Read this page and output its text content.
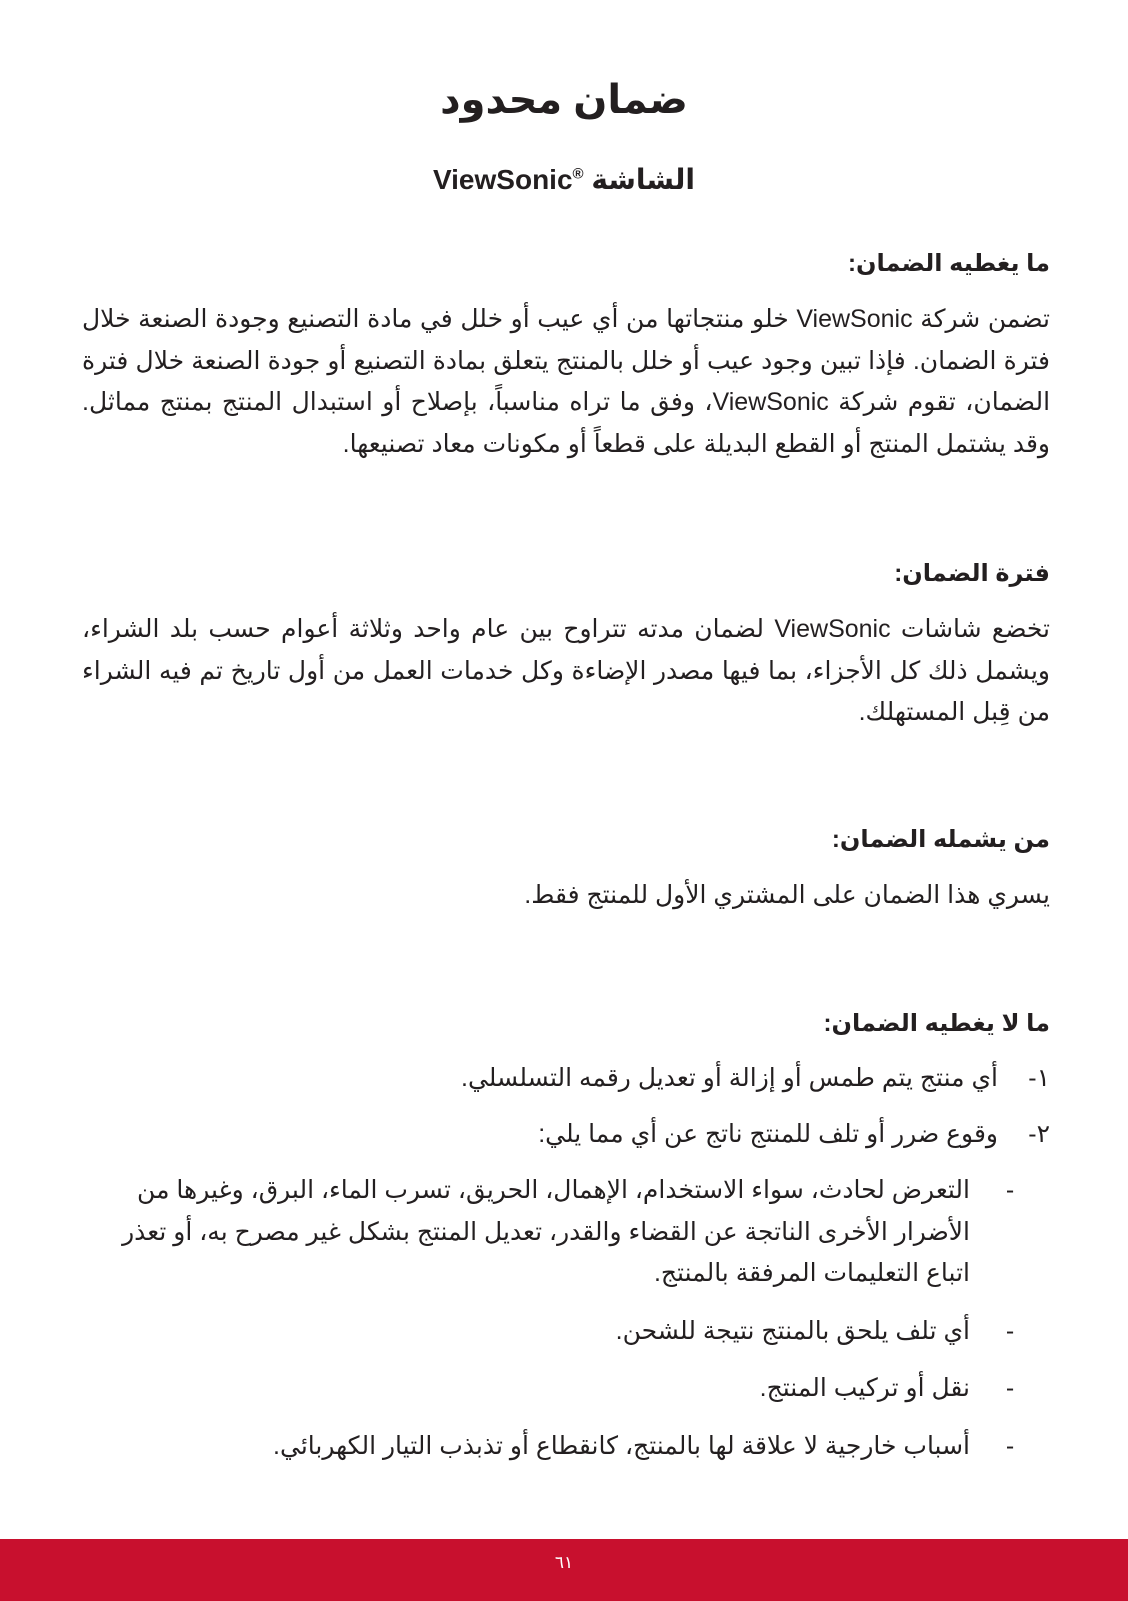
ضمان محدود
الشاشة ViewSonic®
ما يغطيه الضمان:

تضمن شركة ViewSonic خلو منتجاتها من أي عيب أو خلل في مادة التصنيع وجودة الصنعة خلال فترة الضمان. فإذا تبين وجود عيب أو خلل بالمنتج يتعلق بمادة التصنيع أو جودة الصنعة خلال فترة الضمان، تقوم شركة ViewSonic، وفق ما تراه مناسباً، بإصلاح أو استبدال المنتج بمنتج مماثل. وقد يشتمل المنتج أو القطع البديلة على قطعاً أو مكونات معاد تصنيعها.

فترة الضمان:

تخضع شاشات ViewSonic لضمان مدته تتراوح بين عام واحد وثلاثة أعوام حسب بلد الشراء، ويشمل ذلك كل الأجزاء، بما فيها مصدر الإضاءة وكل خدمات العمل من أول تاريخ تم فيه الشراء من قِبل المستهلك.

من يشمله الضمان:

يسري هذا الضمان على المشتري الأول للمنتج فقط.

ما لا يغطيه الضمان:
١-
أي منتج يتم طمس أو إزالة أو تعديل رقمه التسلسلي.
٢-
وقوع ضرر أو تلف للمنتج ناتج عن أي مما يلي:
-
التعرض لحادث، سواء الاستخدام، الإهمال، الحريق، تسرب الماء، البرق، وغيرها من الأضرار الأخرى الناتجة عن القضاء والقدر، تعديل المنتج بشكل غير مصرح به، أو تعذر اتباع التعليمات المرفقة بالمنتج.
-
أي تلف يلحق بالمنتج نتيجة للشحن.
-
نقل أو تركيب المنتج.
-
أسباب خارجية لا علاقة لها بالمنتج، كانقطاع أو تذبذب التيار الكهربائي.
٦١
